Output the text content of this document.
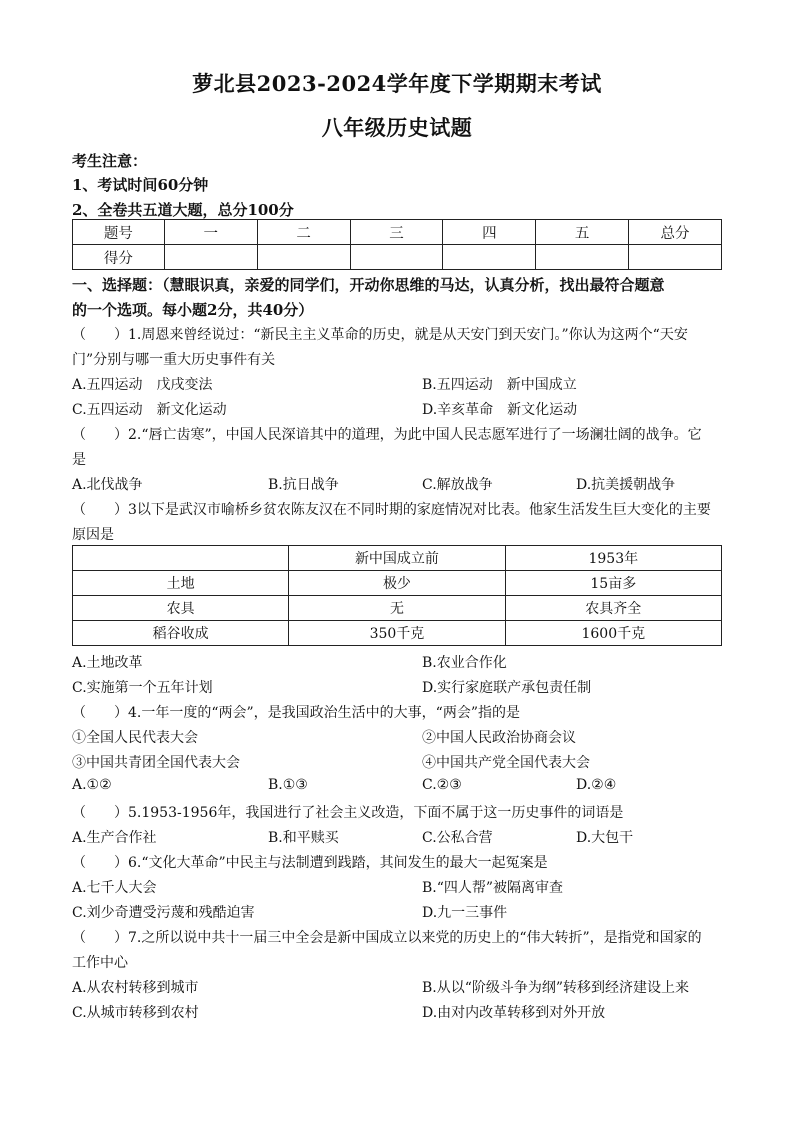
萝北县2023-2024学年度下学期期末考试
八年级历史试题
考生注意：
1、考试时间60分钟
2、全卷共五道大题，总分100分
题号	一	二	三	四	五	总分
得分						
一、选择题：（慧眼识真，亲爱的同学们，开动你思维的马达，认真分析，找出最符合题意
的一个选项。每小题2分，共40分）
（　　）1.周恩来曾经说过：“新民主主义革命的历史，就是从天安门到天安门。”你认为这两个“天安
门”分别与哪一重大历史事件有关
A.五四运动　戊戌变法	B.五四运动　新中国成立
C.五四运动　新文化运动	D.辛亥革命　新文化运动
（　　）2.“唇亡齿寒”，中国人民深谙其中的道理，为此中国人民志愿军进行了一场澜壮阔的战争。它
是
A.北伐战争	B.抗日战争	C.解放战争	D.抗美援朝战争
（　　）3以下是武汉市喻桥乡贫农陈友汉在不同时期的家庭情况对比表。他家生活发生巨大变化的主要
原因是
	新中国成立前	1953年
土地	极少	15亩多
农具	无	农具齐全
稻谷收成	350千克	1600千克
A.土地改革	B.农业合作化
C.实施第一个五年计划	D.实行家庭联产承包责任制
（　　）4.一年一度的“两会”，是我国政治生活中的大事，“两会”指的是
①全国人民代表大会	②中国人民政治协商会议
③中国共青团全国代表大会	④中国共产党全国代表大会
A.①②	B.①③	C.②③	D.②④
（　　）5.1953-1956年，我国进行了社会主义改造，下面不属于这一历史事件的词语是
A.生产合作社	B.和平赎买	C.公私合营	D.大包干
（　　）6.“文化大革命”中民主与法制遭到践踏，其间发生的最大一起冤案是
A.七千人大会	B.“四人帮”被隔离审查
C.刘少奇遭受污蔑和残酷迫害	D.九一三事件
（　　）7.之所以说中共十一届三中全会是新中国成立以来党的历史上的“伟大转折”，是指党和国家的
工作中心
A.从农村转移到城市	B.从以“阶级斗争为纲”转移到经济建设上来
C.从城市转移到农村	D.由对内改革转移到对外开放
